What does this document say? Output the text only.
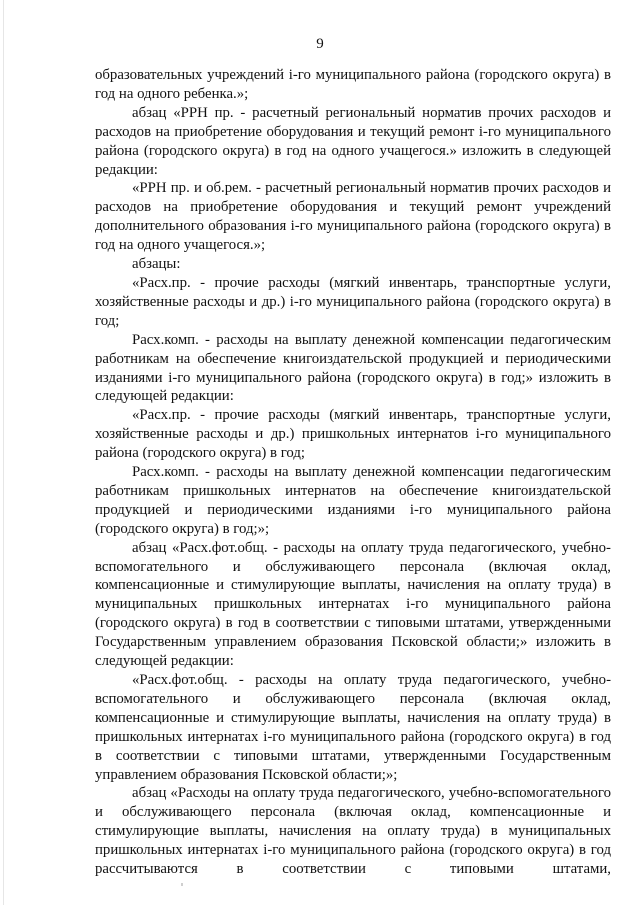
9

образовательных учреждений i-го муниципального района (городского округа) в год на одного ребенка.»;

абзац «РРН пр. - расчетный региональный норматив прочих расходов и расходов на приобретение оборудования и текущий ремонт i-го муниципального района (городского округа) в год на одного учащегося.» изложить в следующей редакции:

«РРН пр. и об.рем. - расчетный региональный норматив прочих расходов и расходов на приобретение оборудования и текущий ремонт учреждений дополнительного образования i-го муниципального района (городского округа) в год на одного учащегося.»;

абзацы:

«Расх.пр. - прочие расходы (мягкий инвентарь, транспортные услуги, хозяйственные расходы и др.) i-го муниципального района (городского округа) в год;

Расх.комп. - расходы на выплату денежной компенсации педагогическим работникам на обеспечение книгоиздательской продукцией и периодическими изданиями i-го муниципального района (городского округа) в год;» изложить в следующей редакции:

«Расх.пр. - прочие расходы (мягкий инвентарь, транспортные услуги, хозяйственные расходы и др.) пришкольных интернатов i-го муниципального района (городского округа) в год;

Расх.комп. - расходы на выплату денежной компенсации педагогическим работникам пришкольных интернатов на обеспечение книгоиздательской продукцией и периодическими изданиями i-го муниципального района (городского округа) в год;»;

абзац «Расх.фот.общ. - расходы на оплату труда педагогического, учебно-вспомогательного и обслуживающего персонала (включая оклад, компенсационные и стимулирующие выплаты, начисления на оплату труда) в муниципальных пришкольных интернатах i-го муниципального района (городского округа) в год в соответствии с типовыми штатами, утвержденными Государственным управлением образования Псковской области;» изложить в следующей редакции:

«Расх.фот.общ. - расходы на оплату труда педагогического, учебно-вспомогательного и обслуживающего персонала (включая оклад, компенсационные и стимулирующие выплаты, начисления на оплату труда) в пришкольных интернатах i-го муниципального района (городского округа) в год в соответствии с типовыми штатами, утвержденными Государственным управлением образования Псковской области;»;

абзац «Расходы на оплату труда педагогического, учебно-вспомогательного и обслуживающего персонала (включая оклад, компенсационные и стимулирующие выплаты, начисления на оплату труда) в муниципальных пришкольных интернатах i-го муниципального района (городского округа) в год рассчитываются в соответствии с типовыми штатами,
